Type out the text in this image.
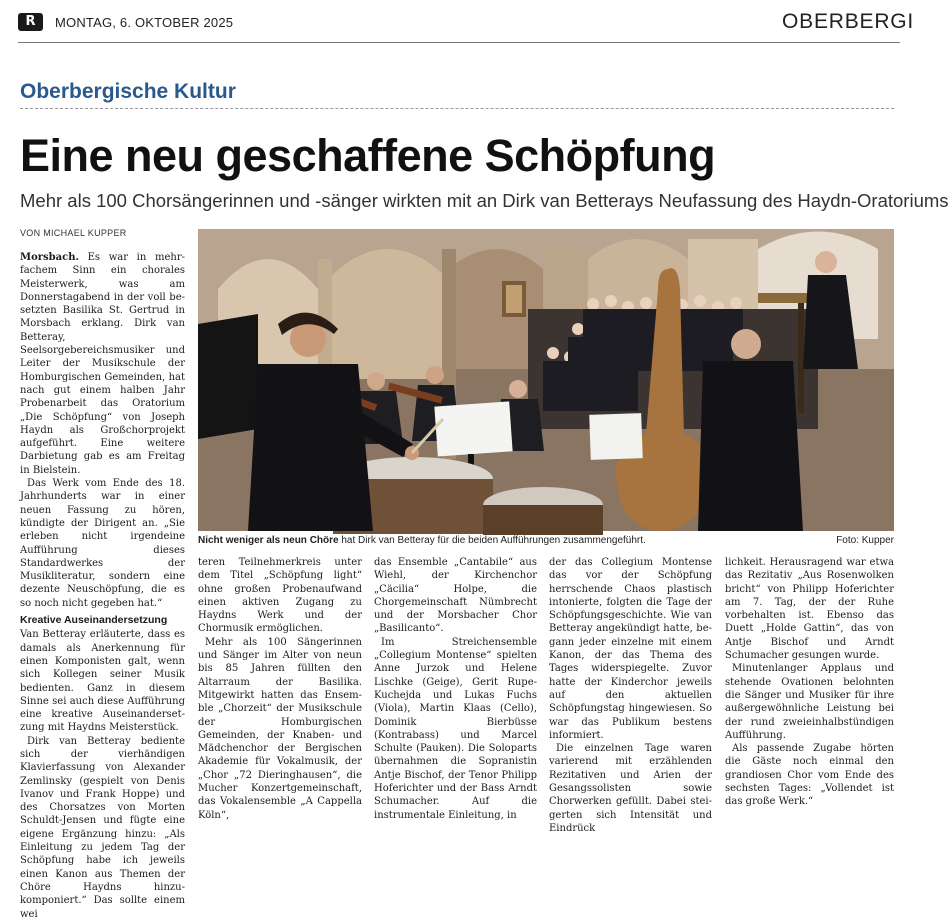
R	MONTAG, 6. OKTOBER 2025	OBERBERGI
Oberbergische Kultur
Eine neu geschaffene Schöpfung
Mehr als 100 Chorsängerinnen und -sänger wirkten mit an Dirk van Betterays Neufassung des Haydn-Oratoriums
VON MICHAEL KUPPER

Morsbach. Es war in mehrfachem Sinn ein chorales Meisterwerk, was am Donnerstagabend in der voll besetzten Basilika St. Gertrud in Morsbach erklang. Dirk van Betteray, Seelsorgebereichsmusiker und Leiter der Musikschule der Homburgischen Gemeinden, hat nach gut einem halben Jahr Probenarbeit das Oratorium „Die Schöpfung“ von Joseph Haydn als Großchorprojekt aufgeführt. Eine weitere Darbietung gab es am Freitag in Bielstein.

Das Werk vom Ende des 18. Jahrhunderts war in einer neuen Fassung zu hören, kündigte der Dirigent an. „Sie erleben nicht irgendeine Aufführung dieses Standardwerkes der Musikliteratur, sondern eine dezente Neuschöpfung, die es so noch nicht gegeben hat.“

Kreative Auseinandersetzung

Van Betteray erläuterte, dass es damals als Anerkennung für einen Komponisten galt, wenn sich Kollegen seiner Musik bedienten. Ganz in diesem Sinne sei auch diese Aufführung eine kreative Auseinandersetzung mit Haydns Meisterstück.

Dirk van Betteray bediente sich der vierhändigen Klavierfassung von Alexander Zemlinsky (gespielt von Denis Ivanov und Frank Hoppe) und des Chorsatzes von Morten Schuldt-Jensen und fügte eine eigene Ergänzung hinzu: „Als Einleitung zu jedem Tag der Schöpfung habe ich jeweils einen Kanon aus Themen der Chöre Haydns hinzukomponiert.“ Das sollte einem wei

Nicht weniger als neun Chöre hat Dirk van Betteray für die beiden Aufführungen zusammengeführt.	Foto: Kupper

teren Teilnehmerkreis unter dem Titel „Schöpfung light“ ohne großen Probenaufwand einen aktiven Zugang zu Haydns Werk und der Chormusik ermöglichen.

Mehr als 100 Sängerinnen und Sänger im Alter von neun bis 85 Jahren füllten den Altarraum der Basilika. Mitgewirkt hatten das Ensemble „Chorzeit“ der Musikschule der Homburgischen Gemeinden, der Knaben- und Mädchenchor der Bergischen Akademie für Vokalmusik, der „Chor „72 Dieringhausen“, die Mucher Konzertgemeinschaft, das Vokalensemble „A Cappella Köln“,

das Ensemble „Cantabile“ aus Wiehl, der Kirchenchor „Cäcilia“ Holpe, die Chorgemeinschaft Nümbrecht und der Morsbacher Chor „Basilicanto“.

Im Streichensemble „Collegium Montense“ spielten Anne Jurzok und Helene Lischke (Geige), Gerit Rupe-Kuchejda und Lukas Fuchs (Viola), Martin Klaas (Cello), Dominik Bierbüsse (Kontrabass) und Marcel Schulte (Pauken). Die Soloparts übernahmen die Sopranistin Antje Bischof, der Tenor Philipp Hoferichter und der Bass Arndt Schumacher. Auf die instrumentale Einleitung, in

der das Collegium Montense das vor der Schöpfung herrschende Chaos plastisch intonierte, folgten die Tage der Schöpfungsgeschichte. Wie van Betteray angekündigt hatte, begann jeder einzelne mit einem Kanon, der das Thema des Tages widerspiegelte. Zuvor hatte der Kinderchor jeweils auf den aktuellen Schöpfungstag hingewiesen. So war das Publikum bestens informiert.

Die einzelnen Tage waren varierend mit erzählenden Rezitativen und Arien der Gesangssolisten sowie Chorwerken gefüllt. Dabei steigerten sich Intensität und Eindrück

lichkeit. Herausragend war etwa das Rezitativ „Aus Rosenwolken bricht“ von Philipp Hoferichter am 7. Tag, der der Ruhe vorbehalten ist. Ebenso das Duett „Holde Gattin“, das von Antje Bischof und Arndt Schumacher gesungen wurde.

Minutenlanger Applaus und stehende Ovationen belohnten die Sänger und Musiker für ihre außergewöhnliche Leistung bei der rund zweieinhalbstündigen Aufführung.

Als passende Zugabe hörten die Gäste noch einmal den grandiosen Chor vom Ende des sechsten Tages: „Vollendet ist das große Werk.“
